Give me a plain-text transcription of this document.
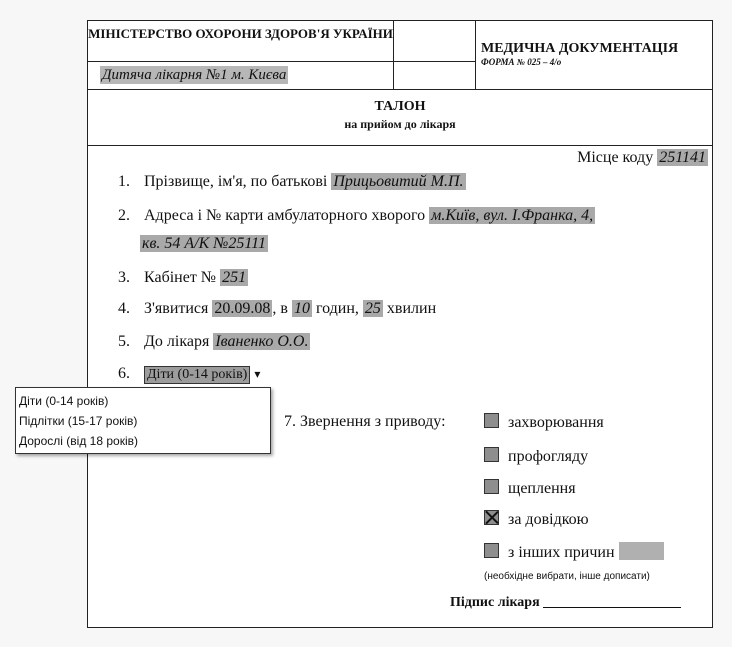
МІНІСТЕРСТВО ОХОРОНИ ЗДОРОВ'Я УКРАЇНИ
Дитяча лікарня №1 м. Києва
МЕДИЧНА ДОКУМЕНТАЦІЯ
ФОРМА № 025 – 4/о
ТАЛОН
на прийом до лікаря
Місце коду 251141
1. Прізвище, ім'я, по батькові Прицьовитий М.П.
2. Адреса і № карти амбулаторного хворого м.Київ, вул. І.Франка, 4,
кв. 54 А/К №25111
3. Кабінет № 251
4. З'явитися 20.09.08 , в 10 годин, 25 хвилин
5. До лікаря Іваненко О.О.
6. Діти (0-14 років) ▾
7. Звернення з приводу:	захворювання
профогляду
щеплення
за довідкою
з інших причин
(необхідне вибрати, інше дописати)
Підпис лікаря
Діти (0-14 років)
Підлітки (15-17 років)
Дорослі (від 18 років)
